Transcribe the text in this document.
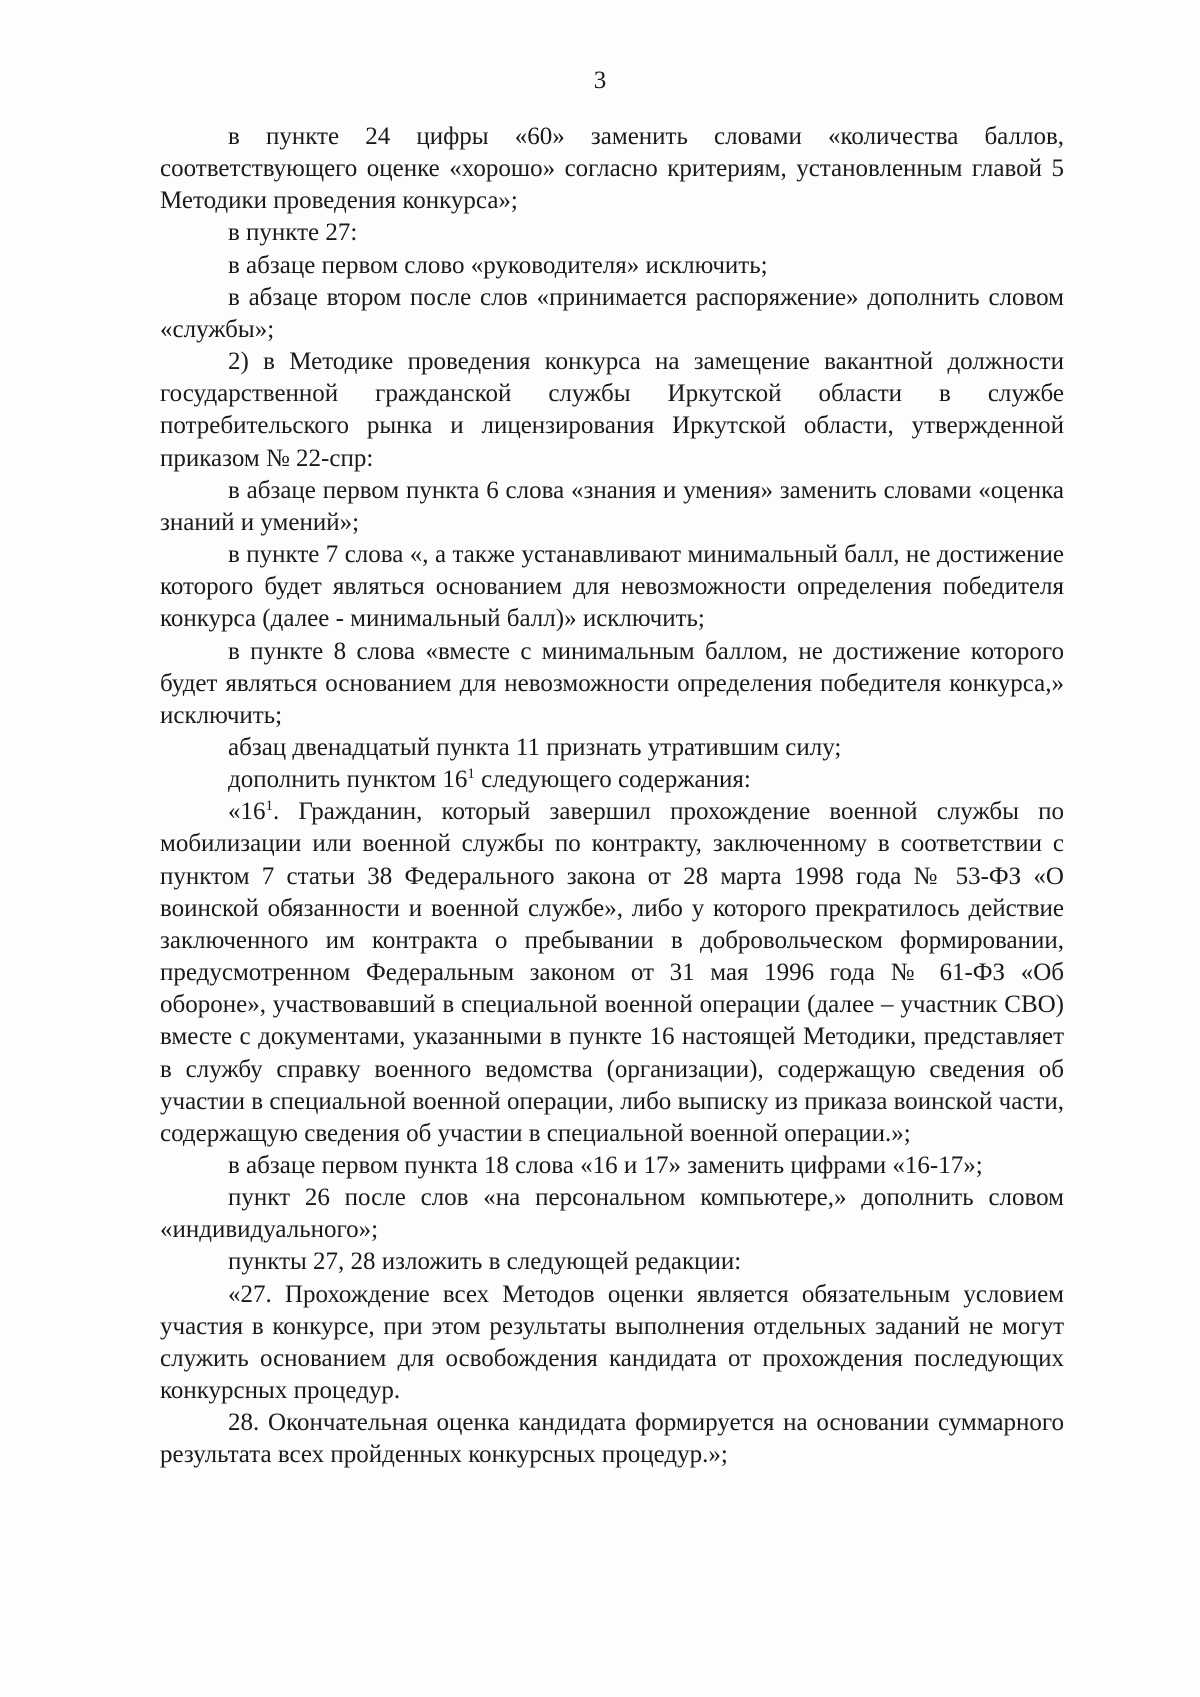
3

в пункте 24 цифры «60» заменить словами «количества баллов, соответствующего оценке «хорошо» согласно критериям, установленным главой 5 Методики проведения конкурса»;

в пункте 27:

в абзаце первом слово «руководителя» исключить;

в абзаце втором после слов «принимается распоряжение» дополнить словом «службы»;

2) в Методике проведения конкурса на замещение вакантной должности государственной гражданской службы Иркутской области в службе потребительского рынка и лицензирования Иркутской области, утвержденной приказом № 22-спр:

в абзаце первом пункта 6 слова «знания и умения» заменить словами «оценка знаний и умений»;

в пункте 7 слова «, а также устанавливают минимальный балл, не достижение которого будет являться основанием для невозможности определения победителя конкурса (далее - минимальный балл)» исключить;

в пункте 8 слова «вместе с минимальным баллом, не достижение которого будет являться основанием для невозможности определения победителя конкурса,» исключить;

абзац двенадцатый пункта 11 признать утратившим силу;

дополнить пунктом $16^1$ следующего содержания:

«$16^1$. Гражданин, который завершил прохождение военной службы по мобилизации или военной службы по контракту, заключенному в соответствии с пунктом 7 статьи 38 Федерального закона от 28 марта 1998 года № 53-ФЗ «О воинской обязанности и военной службе», либо у которого прекратилось действие заключенного им контракта о пребывании в добровольческом формировании, предусмотренном Федеральным законом от 31 мая 1996 года № 61-ФЗ «Об обороне», участвовавший в специальной военной операции (далее – участник СВО) вместе с документами, указанными в пункте 16 настоящей Методики, представляет в службу справку военного ведомства (организации), содержащую сведения об участии в специальной военной операции, либо выписку из приказа воинской части, содержащую сведения об участии в специальной военной операции.»;

в абзаце первом пункта 18 слова «16 и 17» заменить цифрами «16-17»;

пункт 26 после слов «на персональном компьютере,» дополнить словом «индивидуального»;

пункты 27, 28 изложить в следующей редакции:

«27. Прохождение всех Методов оценки является обязательным условием участия в конкурсе, при этом результаты выполнения отдельных заданий не могут служить основанием для освобождения кандидата от прохождения последующих конкурсных процедур.

28. Окончательная оценка кандидата формируется на основании суммарного результата всех пройденных конкурсных процедур.»;
